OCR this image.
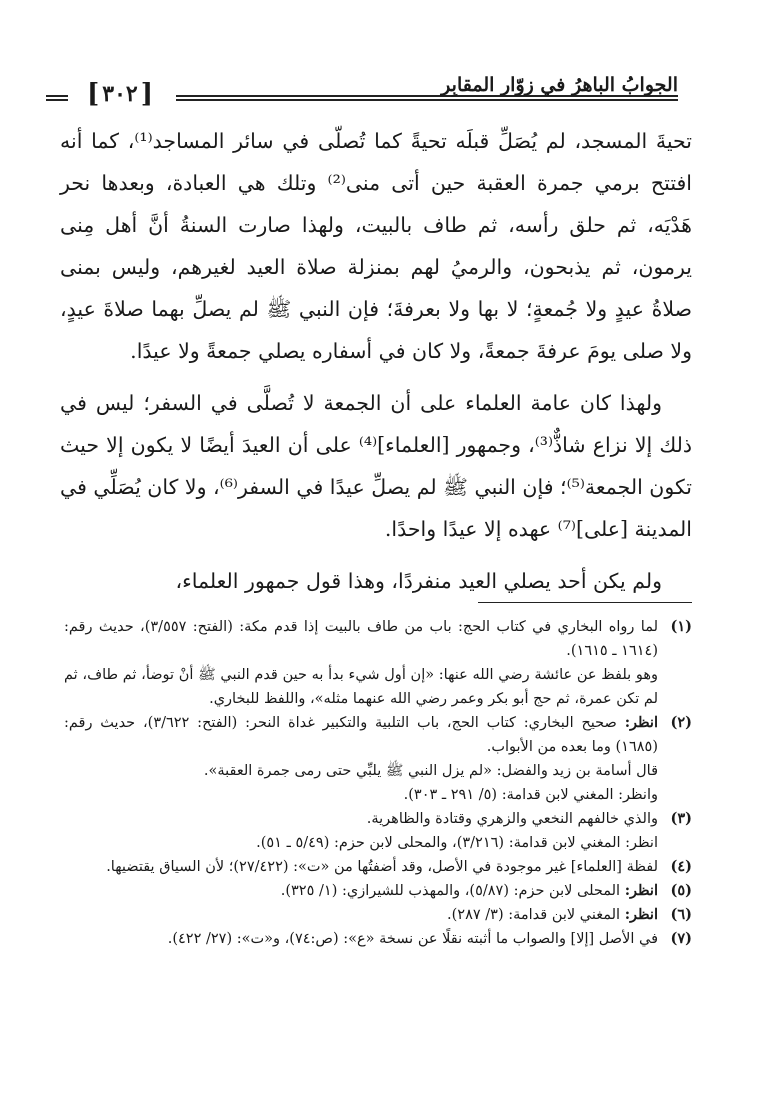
[ ٣٠٢ ]	الجوابُ الباهرُ في زوّار المقابِر

تحيةَ المسجد، لم يُصَلِّ قبلَه تحيةً كما تُصلّى في سائر المساجد⁽¹⁾، كما أنه افتتح برمي جمرة العقبة حين أتى منى⁽²⁾ وتلك هي العبادة، وبعدها نحر هَدْيَه، ثم حلق رأسه، ثم طاف بالبيت، ولهذا صارت السنةُ أنَّ أهل مِنى يرمون، ثم يذبحون، والرميُ لهم بمنزلة صلاة العيد لغيرهم، وليس بمنى صلاةُ عيدٍ ولا جُمعةٍ؛ لا بها ولا بعرفةَ؛ فإن النبي ﷺ لم يصلِّ بهما صلاةَ عيدٍ، ولا صلى يومَ عرفةَ جمعةً، ولا كان في أسفاره يصلي جمعةً ولا عيدًا.

ولهذا كان عامة العلماء على أن الجمعة لا تُصلَّى في السفر؛ ليس في ذلك إلا نزاع شاذٌّ⁽³⁾، وجمهور [العلماء]⁽⁴⁾ على أن العيدَ أيضًا لا يكون إلا حيث تكون الجمعة⁽⁵⁾؛ فإن النبي ﷺ لم يصلِّ عيدًا في السفر⁽⁶⁾، ولا كان يُصَلِّي في المدينة [على]⁽⁷⁾ عهده إلا عيدًا واحدًا.

ولم يكن أحد يصلي العيد منفردًا، وهذا قول جمهور العلماء،

(١)
لما رواه البخاري في كتاب الحج: باب من طاف بالبيت إذا قدم مكة: (الفتح: ٣/٥٥٧)، حديث رقم: (١٦١٤ ـ ١٦١٥).
وهو بلفظ عن عائشة رضي الله عنها: «إن أول شيء بدأ به حين قدم النبي ﷺ أنْ توضأ، ثم طاف، ثم لم تكن عمرة، ثم حج أبو بكر وعمر رضي الله عنهما مثله»، واللفظ للبخاري.
(٢)
انظر: صحيح البخاري: كتاب الحج، باب التلبية والتكبير غداة النحر: (الفتح: ٣/٦٢٢)، حديث رقم: (١٦٨٥) وما بعده من الأبواب.
قال أسامة بن زيد والفضل: «لم يزل النبي ﷺ يلبِّي حتى رمى جمرة العقبة».
وانظر: المغني لابن قدامة: (٥/ ٢٩١ ـ ٣٠٣).
(٣)
والذي خالفهم النخعي والزهري وقتادة والظاهرية.
انظر: المغني لابن قدامة: (٣/٢١٦)، والمحلى لابن حزم: (٥/٤٩ ـ ٥١).
(٤)
لفظة [العلماء] غير موجودة في الأصل، وقد أضفتُها من «ت»: (٢٧/٤٢٢)؛ لأن السياق يقتضيها.
(٥)
انظر: المحلى لابن حزم: (٥/٨٧)، والمهذب للشيرازي: (١/ ٣٢٥).
(٦)
انظر: المغني لابن قدامة: (٣/ ٢٨٧).
(٧)
في الأصل [إلا] والصواب ما أثبته نقلًا عن نسخة «ع»: (ص:٧٤)، و«ت»: (٢٧/ ٤٢٢).
